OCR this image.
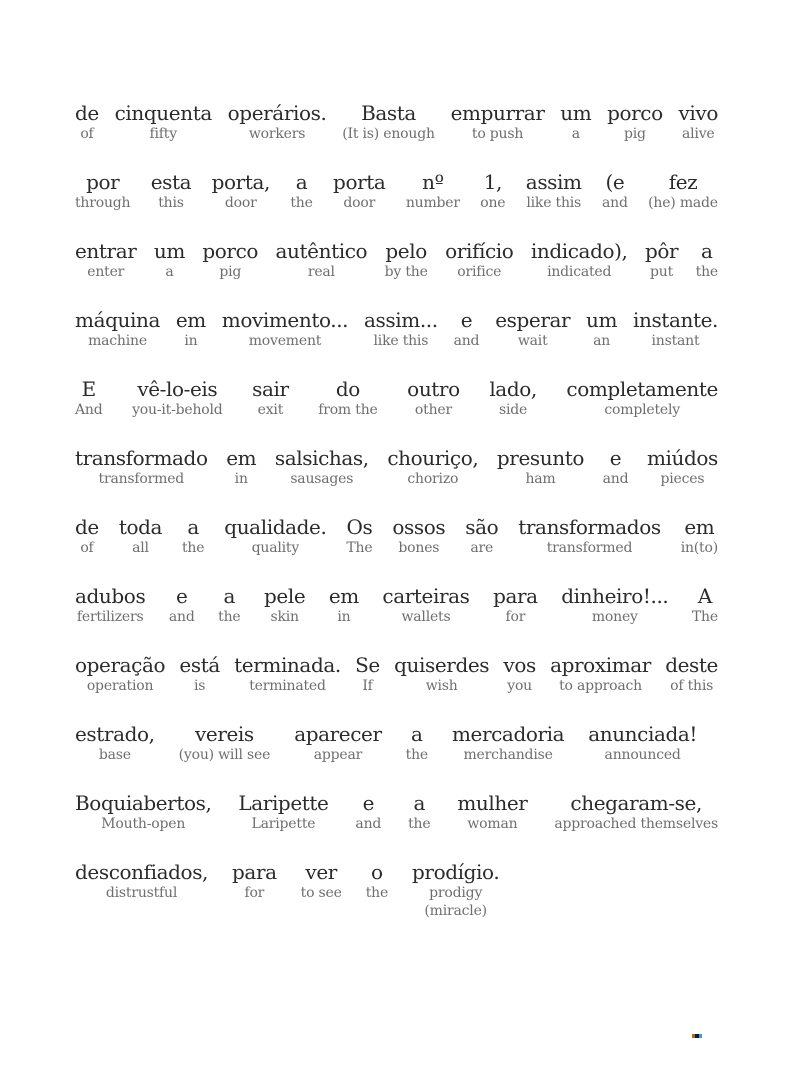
de
of
cinquenta
fifty
operários.
workers
Basta
(It is) enough
empurrar
to push
um
a
porco
pig
vivo
alive
por
through
esta
this
porta,
door
a
the
porta
door
nº
number
1,
one
assim
like this
(e
and
fez
(he) made
entrar
enter
um
a
porco
pig
autêntico
real
pelo
by the
orifício
orifice
indicado),
indicated
pôr
put
a
the
máquina
machine
em
in
movimento...
movement
assim...
like this
e
and
esperar
wait
um
an
instante.
instant
E
And
vê-lo-eis
you-it-behold
sair
exit
do
from the
outro
other
lado,
side
completamente
completely
transformado
transformed
em
in
salsichas,
sausages
chouriço,
chorizo
presunto
ham
e
and
miúdos
pieces
de
of
toda
all
a
the
qualidade.
quality
Os
The
ossos
bones
são
are
transformados
transformed
em
in(to)
adubos
fertilizers
e
and
a
the
pele
skin
em
in
carteiras
wallets
para
for
dinheiro!...
money
A
The
operação
operation
está
is
terminada.
terminated
Se
If
quiserdes
wish
vos
you
aproximar
to approach
deste
of this
estrado,
base
vereis
(you) will see
aparecer
appear
a
the
mercadoria
merchandise
anunciada!
announced
Boquiabertos,
Mouth-open
Laripette
Laripette
e
and
a
the
mulher
woman
chegaram-se,
approached themselves
desconfiados,
distrustful
para
for
ver
to see
o
the
prodígio.
prodigy
(miracle)
